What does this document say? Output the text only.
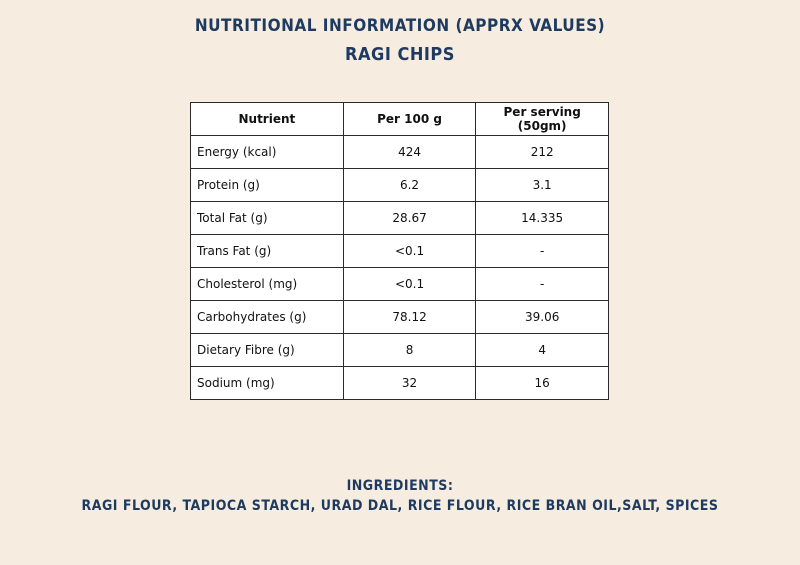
NUTRITIONAL INFORMATION (APPRX VALUES)
RAGI CHIPS
Nutrient	Per 100 g	Per serving (50gm)
Energy (kcal)	424	212
Protein (g)	6.2	3.1
Total Fat (g)	28.67	14.335
Trans Fat (g)	<0.1	-
Cholesterol (mg)	<0.1	-
Carbohydrates (g)	78.12	39.06
Dietary Fibre (g)	8	4
Sodium (mg)	32	16
INGREDIENTS:
RAGI FLOUR, TAPIOCA STARCH, URAD DAL, RICE FLOUR, RICE BRAN OIL,SALT, SPICES
